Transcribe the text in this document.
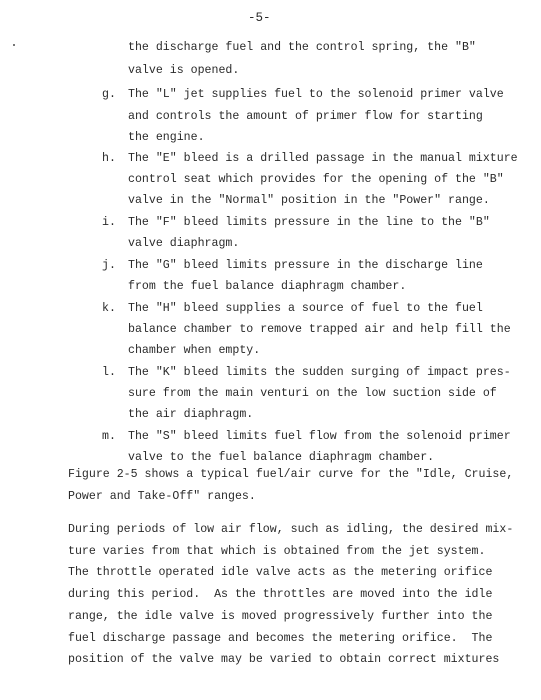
-5-
the discharge fuel and the control spring, the "B"
valve is opened.
g. The "L" jet supplies fuel to the solenoid primer valve
and controls the amount of primer flow for starting
the engine.
h. The "E" bleed is a drilled passage in the manual mixture
control seat which provides for the opening of the "B"
valve in the "Normal" position in the "Power" range.
i. The "F" bleed limits pressure in the line to the "B"
valve diaphragm.
j. The "G" bleed limits pressure in the discharge line
from the fuel balance diaphragm chamber.
k. The "H" bleed supplies a source of fuel to the fuel
balance chamber to remove trapped air and help fill the
chamber when empty.
l. The "K" bleed limits the sudden surging of impact pres-
sure from the main venturi on the low suction side of
the air diaphragm.
m. The "S" bleed limits fuel flow from the solenoid primer
valve to the fuel balance diaphragm chamber.
Figure 2-5 shows a typical fuel/air curve for the "Idle, Cruise,
Power and Take-Off" ranges.
During periods of low air flow, such as idling, the desired mix-
ture varies from that which is obtained from the jet system.
The throttle operated idle valve acts as the metering orifice
during this period.  As the throttles are moved into the idle
range, the idle valve is moved progressively further into the
fuel discharge passage and becomes the metering orifice.  The
position of the valve may be varied to obtain correct mixtures
